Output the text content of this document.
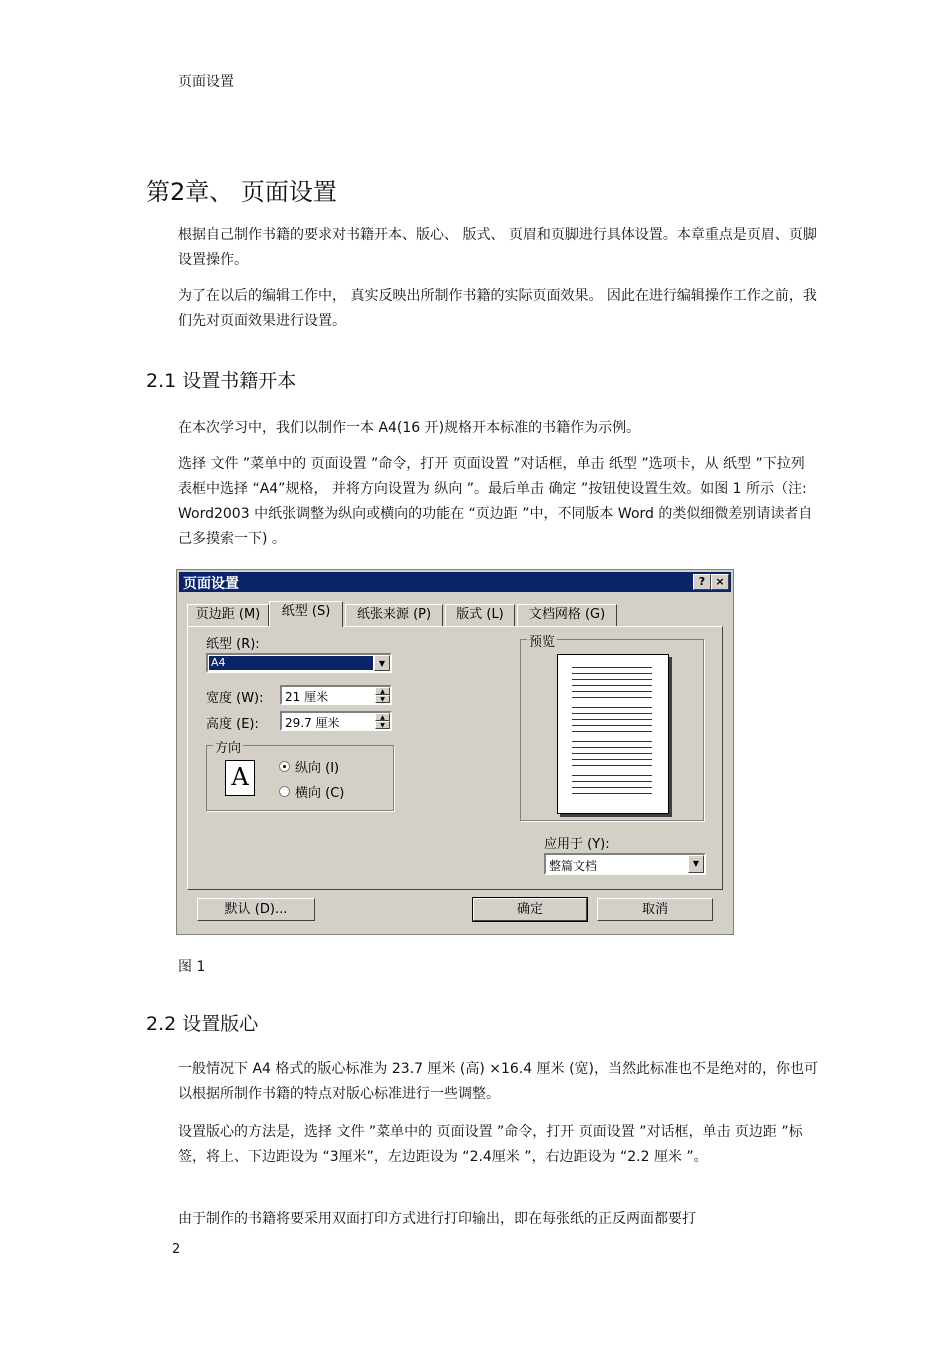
页面设置
第2章、 页面设置
根据自己制作书籍的要求对书籍开本、版心、 版式、 页眉和页脚进行具体设置。本章重点是页眉、页脚设置操作。
为了在以后的编辑工作中， 真实反映出所制作书籍的实际页面效果。 因此在进行编辑操作工作之前，我们先对页面效果进行设置。
2.1 设置书籍开本
在本次学习中，我们以制作一本 A4(16 开)规格开本标准的书籍作为示例。
选择 文件 ”菜单中的 页面设置 ”命令，打开 页面设置 ”对话框，单击 纸型 ”选项卡，从 纸型 ”下拉列表框中选择 “A4”规格， 并将方向设置为 纵向 ”。最后单击 确定 ”按钮使设置生效。如图 1 所示（注: Word2003 中纸张调整为纵向或横向的功能在 “页边距 ”中，不同版本 Word 的类似细微差别请读者自己多摸索一下) 。
页面设置	? ×
页边距 (M)	纸型 (S)	纸张来源 (P)	版式 (L)	文档网格 (G)
纸型 (R):
A4	▼
宽度 (W): 21 厘米	▲
▼
高度 (E): 29.7 厘米	▲
▼
方向
A	纵向 (I)
横向 (C)
预览
应用于 (Y):
整篇文档	▼
默认 (D)...	确定	取消
图 1
2.2 设置版心
一般情况下 A4 格式的版心标准为 23.7 厘米 (高) ×16.4 厘米 (宽)，当然此标准也不是绝对的，你也可以根据所制作书籍的特点对版心标准进行一些调整。
设置版心的方法是，选择 文件 ”菜单中的 页面设置 ”命令，打开 页面设置 ”对话框，单击 页边距 ”标签，将上、下边距设为 “3厘米”，左边距设为 “2.4厘米 ”，右边距设为 “2.2 厘米 ”。
由于制作的书籍将要采用双面打印方式进行打印输出，即在每张纸的正反两面都要打
2
